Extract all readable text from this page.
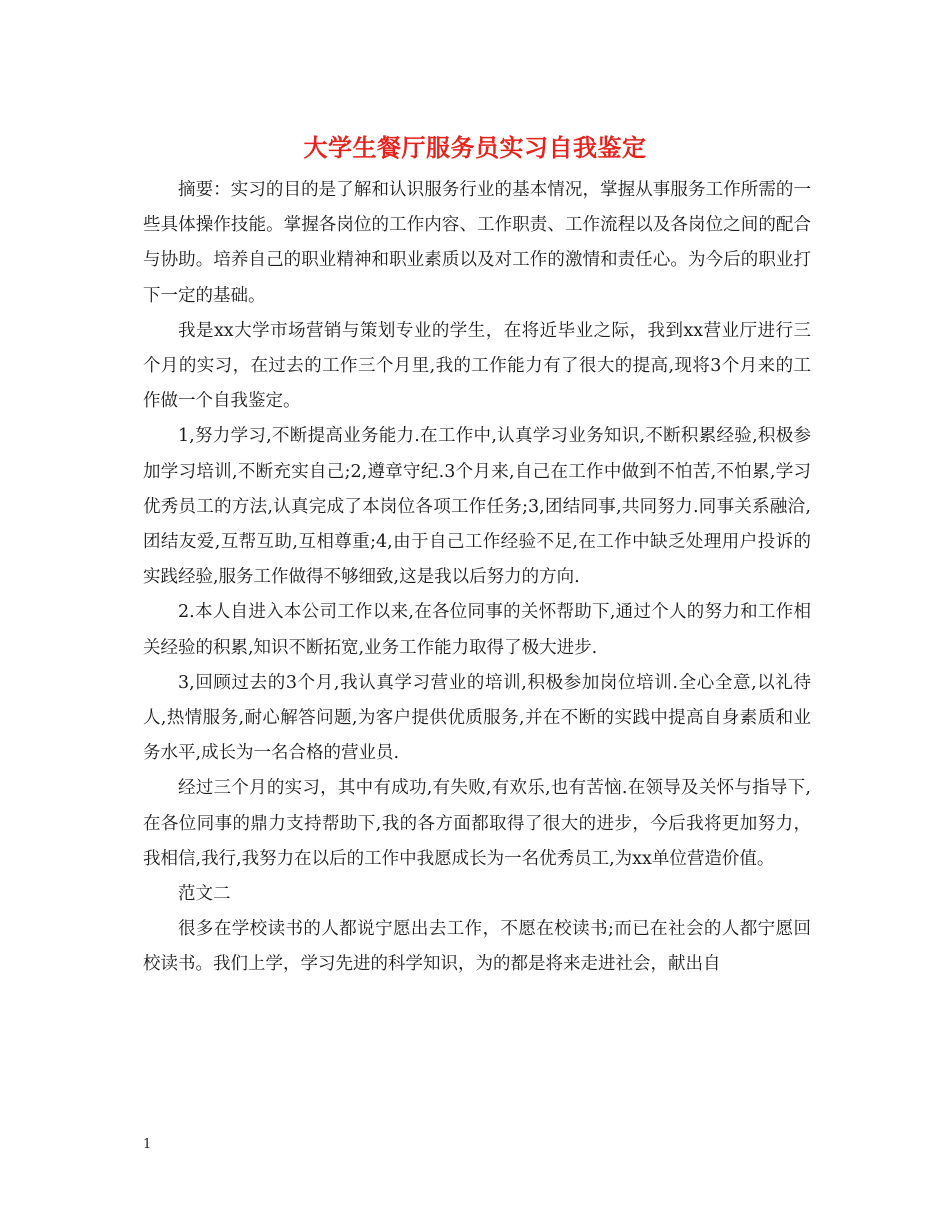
大学生餐厅服务员实习自我鉴定

摘要：实习的目的是了解和认识服务行业的基本情况，掌握从事服务工作所需的一些具体操作技能。掌握各岗位的工作内容、工作职责、工作流程以及各岗位之间的配合与协助。培养自己的职业精神和职业素质以及对工作的激情和责任心。为今后的职业打下一定的基础。

我是xx大学市场营销与策划专业的学生，在将近毕业之际，我到xx营业厅进行三个月的实习，在过去的工作三个月里,我的工作能力有了很大的提高,现将3个月来的工作做一个自我鉴定。

1,努力学习,不断提高业务能力.在工作中,认真学习业务知识,不断积累经验,积极参加学习培训,不断充实自己;2,遵章守纪.3个月来,自己在工作中做到不怕苦,不怕累,学习优秀员工的方法,认真完成了本岗位各项工作任务;3,团结同事,共同努力.同事关系融洽,团结友爱,互帮互助,互相尊重;4,由于自己工作经验不足,在工作中缺乏处理用户投诉的实践经验,服务工作做得不够细致,这是我以后努力的方向.

2.本人自进入本公司工作以来,在各位同事的关怀帮助下,通过个人的努力和工作相关经验的积累,知识不断拓宽,业务工作能力取得了极大进步.

3,回顾过去的3个月,我认真学习营业的培训,积极参加岗位培训.全心全意,以礼待人,热情服务,耐心解答问题,为客户提供优质服务,并在不断的实践中提高自身素质和业务水平,成长为一名合格的营业员.

经过三个月的实习，其中有成功,有失败,有欢乐,也有苦恼.在领导及关怀与指导下,在各位同事的鼎力支持帮助下,我的各方面都取得了很大的进步，今后我将更加努力，我相信,我行,我努力在以后的工作中我愿成长为一名优秀员工,为xx单位营造价值。

范文二

很多在学校读书的人都说宁愿出去工作，不愿在校读书;而已在社会的人都宁愿回校读书。我们上学，学习先进的科学知识，为的都是将来走进社会，献出自

1
